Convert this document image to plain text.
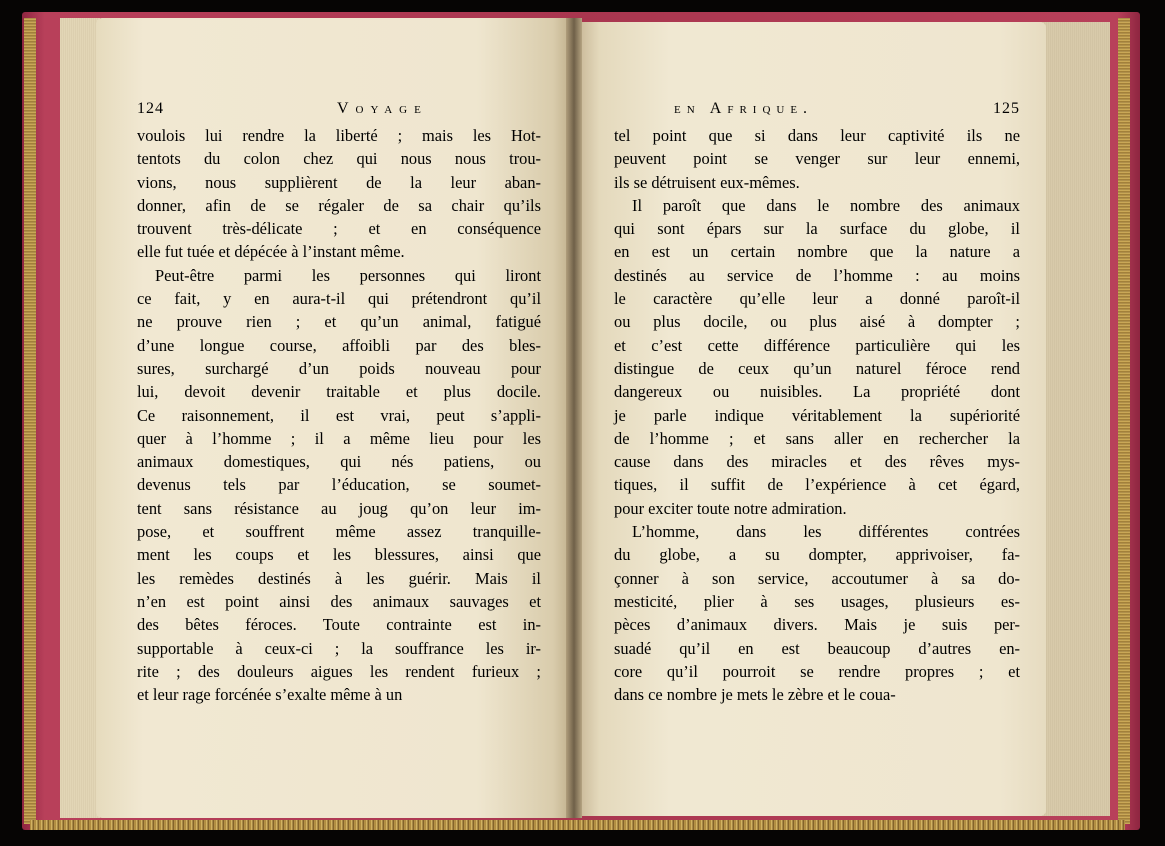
124	Voyage	en Afrique.	125
voulois lui rendre la liberté ; mais les Hot-
tentots du colon chez qui nous nous trou-
vions, nous supplièrent de la leur aban-
donner, afin de se régaler de sa chair qu’ils
trouvent très-délicate ; et en conséquence
elle fut tuée et dépécée à l’instant même.
Peut-être parmi les personnes qui liront
ce fait, y en aura-t-il qui prétendront qu’il
ne prouve rien ; et qu’un animal, fatigué
d’une longue course, affoibli par des bles-
sures, surchargé d’un poids nouveau pour
lui, devoit devenir traitable et plus docile.
Ce raisonnement, il est vrai, peut s’appli-
quer à l’homme ; il a même lieu pour les
animaux domestiques, qui nés patiens, ou
devenus tels par l’éducation, se soumet-
tent sans résistance au joug qu’on leur im-
pose, et souffrent même assez tranquille-
ment les coups et les blessures, ainsi que
les remèdes destinés à les guérir. Mais il
n’en est point ainsi des animaux sauvages et
des bêtes féroces. Toute contrainte est in-
supportable à ceux-ci ; la souffrance les ir-
rite ; des douleurs aigues les rendent furieux ;
et leur rage forcénée s’exalte même à un
tel point que si dans leur captivité ils ne
peuvent point se venger sur leur ennemi,
ils se détruisent eux-mêmes.
Il paroît que dans le nombre des animaux
qui sont épars sur la surface du globe, il
en est un certain nombre que la nature a
destinés au service de l’homme : au moins
le caractère qu’elle leur a donné paroît-il
ou plus docile, ou plus aisé à dompter ;
et c’est cette différence particulière qui les
distingue de ceux qu’un naturel féroce rend
dangereux ou nuisibles. La propriété dont
je parle indique véritablement la supériorité
de l’homme ; et sans aller en rechercher la
cause dans des miracles et des rêves mys-
tiques, il suffit de l’expérience à cet égard,
pour exciter toute notre admiration.
L’homme, dans les différentes contrées
du globe, a su dompter, apprivoiser, fa-
çonner à son service, accoutumer à sa do-
mesticité, plier à ses usages, plusieurs es-
pèces d’animaux divers. Mais je suis per-
suadé qu’il en est beaucoup d’autres en-
core qu’il pourroit se rendre propres ; et
dans ce nombre je mets le zèbre et le coua-
